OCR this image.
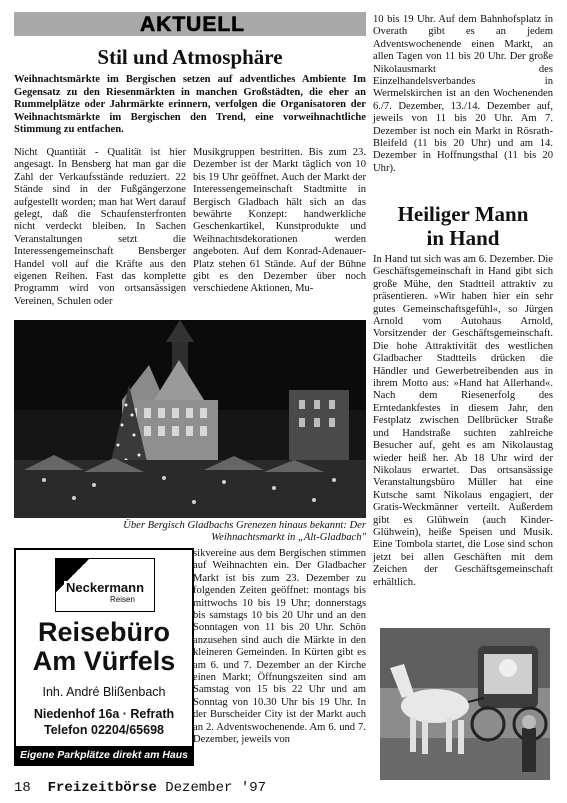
AKTUELL
Stil und Atmosphäre
Weihnachtsmärkte im Bergischen setzen auf adventliches Ambiente Im Gegensatz zu den Riesenmärkten in manchen Großstädten, die eher an Rummelplätze oder Jahrmärkte erinnern, verfolgen die Organisatoren der Weihnachtsmärkte im Bergischen den Trend, eine vorweihnachtliche Stimmung zu entfachen.

Nicht Quantität - Qualität ist hier angesagt. In Bensberg hat man gar die Zahl der Verkaufsstände reduziert. 22 Stände sind in der Fußgängerzone aufgestellt worden; man hat Wert darauf gelegt, daß die Schaufensterfronten nicht verdeckt bleiben. In Sachen Veranstaltungen setzt die Interessengemeinschaft Bensberger Handel voll auf die Kräfte aus den eigenen Reihen. Fast das komplette Programm wird von ortsansässigen Vereinen, Schulen oder

Musikgruppen bestritten. Bis zum 23. Dezember ist der Markt täglich von 10 bis 19 Uhr geöffnet. Auch der Markt der Interessengemeinschaft Stadtmitte in Bergisch Gladbach hält sich an das bewährte Konzept: handwerkliche Geschenkartikel, Kunstprodukte und Weihnachtsdekorationen werden angeboten. Auf dem Konrad-Adenauer-Platz stehen 61 Stände. Auf der Bühne gibt es den Dezember über noch verschiedene Aktionen, Mu-

Über Bergisch Gladbachs Grenezen hinaus bekannt: Der
Weihnachtsmarkt in „Alt-Gladbach"
Neckermann
Reisen
Reisebüro
Am Vürfels
Inh. André Blißenbach
Niedenhof 16a · Refrath
Telefon 02204/65698
Eigene Parkplätze direkt am Haus

sikvereine aus dem Bergischen stimmen auf Weihnachten ein. Der Gladbacher Markt ist bis zum 23. Dezember zu folgenden Zeiten geöffnet: montags bis mittwochs 10 bis 19 Uhr; donnerstags bis samstags 10 bis 20 Uhr und an den Sonntagen von 11 bis 20 Uhr. Schön anzusehen sind auch die Märkte in den kleineren Gemeinden. In Kürten gibt es am 6. und 7. Dezember an der Kirche einen Markt; Öffnungszeiten sind am Samstag von 15 bis 22 Uhr und am Sonntag von 10.30 Uhr bis 19 Uhr. In der Burscheider City ist der Markt auch an 2. Adventswochenende. Am 6. und 7. Dezember, jeweils von

10 bis 19 Uhr. Auf dem Bahnhofsplatz in Overath gibt es an jedem Adventswochenende einen Markt, an allen Tagen von 11 bis 20 Uhr. Der große Nikolausmarkt des Einzelhandelsverbandes in Wermelskirchen ist an den Wochenenden 6./7. Dezember, 13./14. Dezember auf, jeweils von 11 bis 20 Uhr. Am 7. Dezember ist noch ein Markt in Rösrath-Bleifeld (11 bis 20 Uhr) und am 14. Dezember in Hoffnungsthal (11 bis 20 Uhr).

Heiliger Mann
in Hand

In Hand tut sich was am 6. Dezember. Die Geschäftsgemeinschaft in Hand gibt sich große Mühe, den Stadtteil attraktiv zu präsentieren. »Wir haben hier ein sehr gutes Gemeinschaftsgefühl«, so Jürgen Arnold vom Autohaus Arnold, Vorsitzender der Geschäftsgemeinschaft. Die hohe Attraktivität des westlichen Gladbacher Stadtteils drücken die Händler und Gewerbetreibenden aus in ihrem Motto aus: »Hand hat Allerhand«. Nach dem Riesenerfolg des Erntedankfestes in diesem Jahr, den Festplatz zwischen Dellbrücker Straße und Handstraße suchten zahlreiche Besucher auf, geht es am Nikolaustag wieder heiß her. Ab 18 Uhr wird der Nikolaus erwartet. Das ortsansässige Veranstaltungsbüro Müller hat eine Kutsche samt Nikolaus engagiert, der Gratis-Weckmänner verteilt. Außerdem gibt es Glühwein (auch Kinder-Glühwein), heiße Speisen und Musik. Eine Tombola startet, die Lose sind schon jetzt bei allen Geschäften mit dem Zeichen der Geschäftsgemeinschaft erhältlich.

18 Freizeitbörse Dezember '97
